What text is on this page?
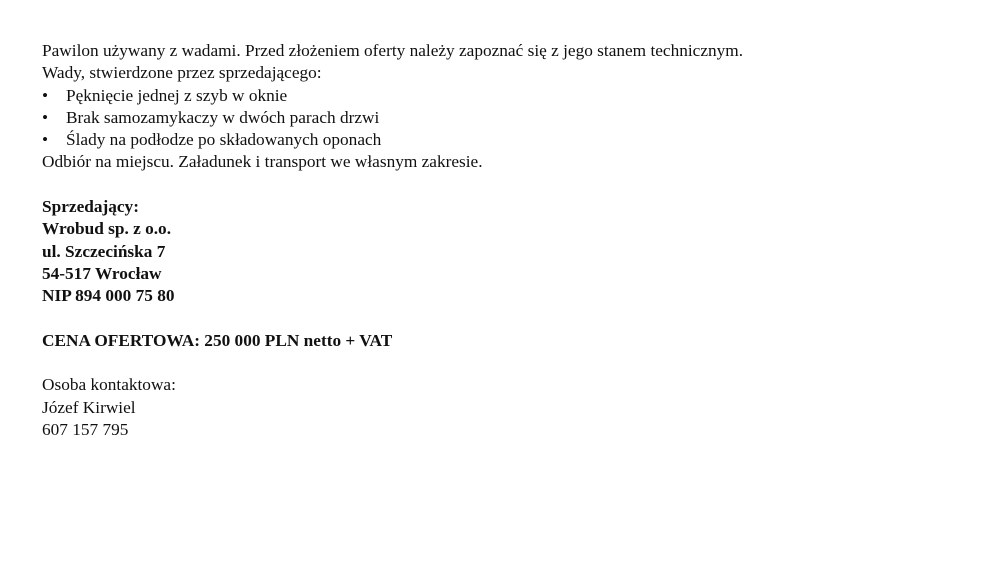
Pawilon używany z wadami. Przed złożeniem oferty należy zapoznać się z jego stanem technicznym.
Wady, stwierdzone przez sprzedającego:
•	Pęknięcie jednej z szyb w oknie
•	Brak samozamykaczy w dwóch parach drzwi
•	Ślady na podłodze po składowanych oponach
Odbiór na miejscu. Załadunek i transport we własnym zakresie.
Sprzedający:
Wrobud sp. z o.o.
ul. Szczecińska 7
54-517 Wrocław
NIP 894 000 75 80
CENA OFERTOWA: 250 000 PLN netto + VAT
Osoba kontaktowa:
Józef Kirwiel
607 157 795
